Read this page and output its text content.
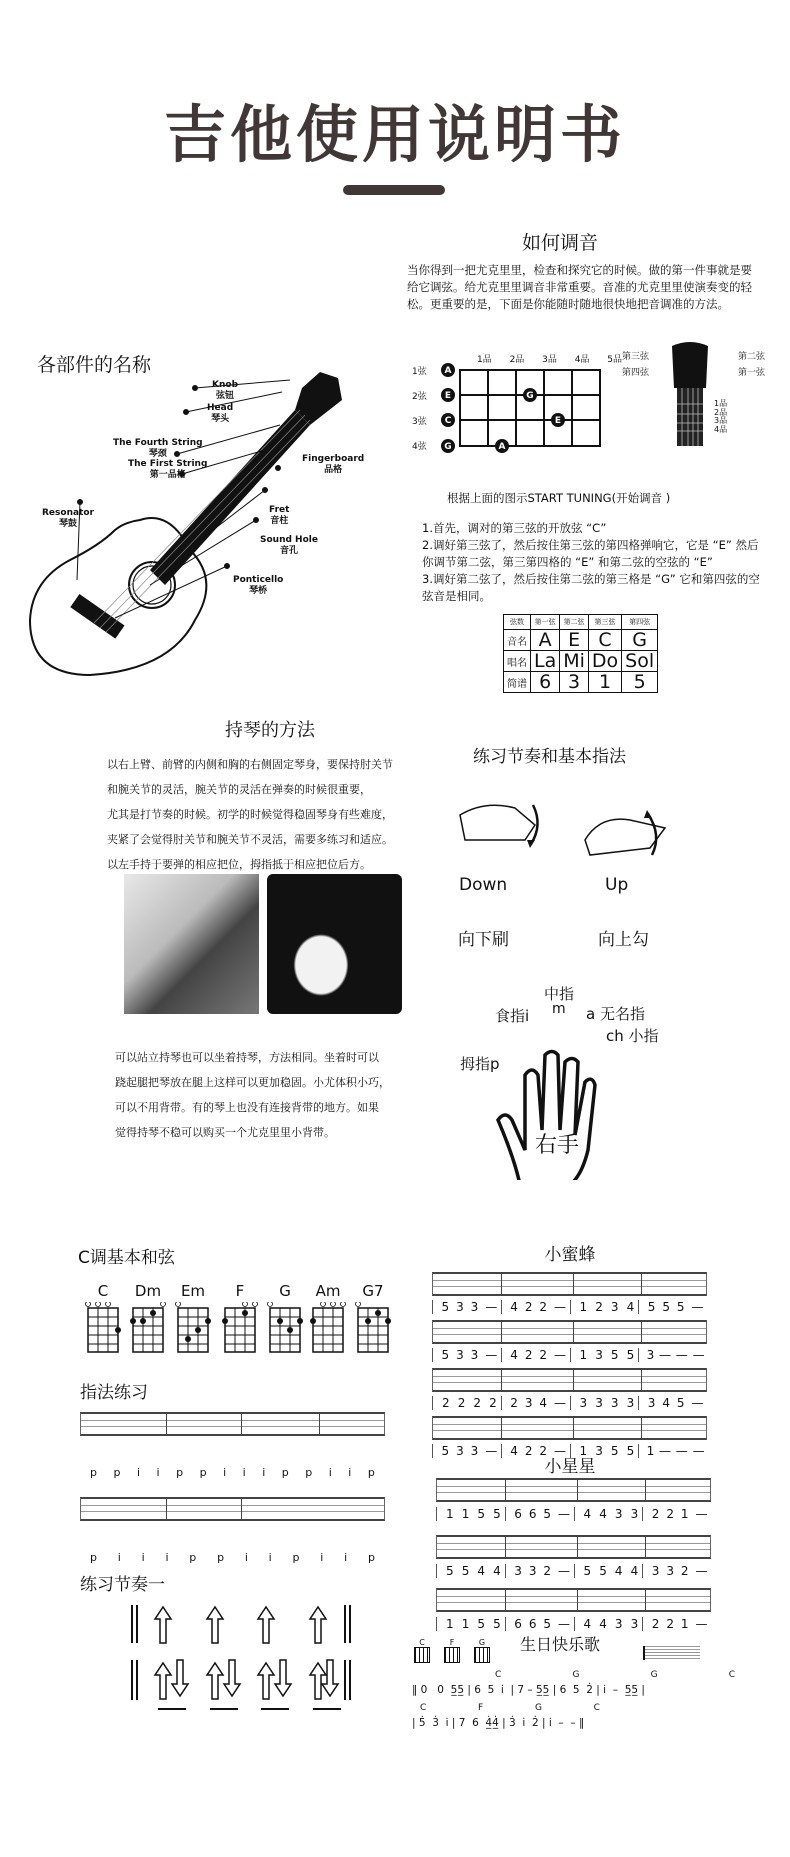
吉他使用说明书
如何调音
当你得到一把尤克里里，检查和探究它的时候。做的第一件事就是要给它调弦。给尤克里里调音非常重要。音准的尤克里里使演奏变的轻松。更重要的是，下面是你能随时随地很快地把音调准的方法。
1品 2品 3品 4品 5品
1弦
2弦
3弦
4弦
A
E
C
G
G
E
A
第三弦
第四弦
第二弦
第一弦
1品
2品
3品
4品
根据上面的图示START TUNING(开始调音 )
1.首先，调对的第三弦的开放弦 “C”
2.调好第三弦了，然后按住第三弦的第四格弹响它，它是 “E” 然后你调节第二弦，第三第四格的 “E” 和第二弦的空弦的 “E”
3.调好第二弦了，然后按住第二弦的第三格是 “G” 它和第四弦的空弦音是相同。
弦数	第一弦	第二弦	第三弦	第四弦
音名	A	E	C	G
唱名	La	Mi	Do	Sol
简谱	6	3	1	5
各部件的名称
Knob
弦钮
Head
琴头
The Fourth String
琴颈
The First String
第一品格
Fingerboard
品格
Resonator
琴鼓
Fret
音柱
Sound Hole
音孔
Ponticello
琴桥
持琴的方法
以右上臂、前臂的内侧和胸的右侧固定琴身，要保持肘关节
和腕关节的灵活，腕关节的灵活在弹奏的时候很重要，
尤其是打节奏的时候。初学的时候觉得稳固琴身有些难度，
夹紧了会觉得肘关节和腕关节不灵活，需要多练习和适应。
以左手持于要弹的相应把位，拇指抵于相应把位后方。
可以站立持琴也可以坐着持琴，方法相同。坐着时可以
跷起腿把琴放在腿上这样可以更加稳固。小尤体积小巧，
可以不用背带。有的琴上也没有连接背带的地方。如果
觉得持琴不稳可以购买一个尤克里里小背带。
练习节奏和基本指法
Down	Up
向下刷	向上勾
中指
m
食指i	a 无名指
ch 小指
拇指p
右手
C调基本和弦
C	Dm	Em	F	G	Am	G7
指法练习
p p i i p p i i i p p i i p
p i i i p p i i p i i p
练习节奏一
小蜜蜂
5 3 3 — 4 2 2 — 1 2 3 4 5 5 5 —
5 3 3 — 4 2 2 — 1 3 5 5 3 — — —
2 2 2 2 2 3 4 — 3 3 3 3 3 4 5 —
5 3 3 — 4 2 2 — 1 3 5 5 1 — — —
小星星
1 1 5 5 6 6 5 — 4 4 3 3 2 2 1 —
5 5 4 4 3 3 2 — 5 5 4 4 3 3 2 —
1 1 5 5 6 6 5 — 4 4 3 3 2 2 1 —
生日快乐歌
C	F	G
C	G	G	C
‖ 0   0  5̲5̲ | 6  5  i̇  | 7 – 5̲5̲ | 6  5  2̇ | i̇  –  5̲5̲ |
C	F	G	C
| 5̇  3̇  i̇ | 7  6  4̲̇4̲̇ | 3̇  i̇  2̇ | i̇  –  – ‖
